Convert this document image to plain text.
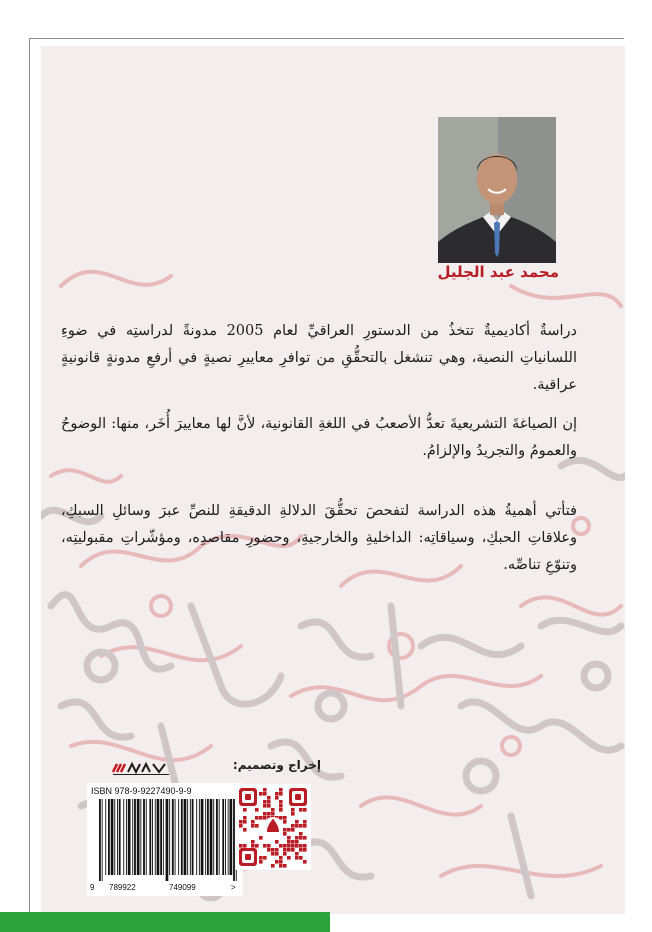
محمد عبد الجليل

دراسةٌ أكاديميةٌ تتخذُ من الدستورِ العراقيِّ لعام 2005 مدونةً لدراستِه في ضوءِ اللسانياتِ النصية، وهي تنشغل بالتحقُّقِ من توافرِ معاييرِ نصيةٍ في أرفعِ مدونةٍ قانونيةٍ عراقية.

إن الصياغةَ التشريعيةَ تعدُّ الأصعبُ في اللغةِ القانونية، لأنَّ لها معاييرَ أُخَر، منها: الوضوحُ والعمومُ والتجريدُ والإلزامُ.

فتأتي أهميةُ هذه الدراسة لتفحصَ تحقُّقَ الدلالةِ الدقيقةِ للنصِّ عبرَ وسائلِ السبكِ، وعلاقاتِ الحبكِ، وسياقاتِه: الداخليةِ والخارجيةِ، وحضورِ مقاصدِه، ومؤشّراتِ مقبوليتِه، وتنوّعِ تناصِّه.

إخراج وتصميم:
ISBN 978-9-9227490-9-9
9 789922	749099	>
